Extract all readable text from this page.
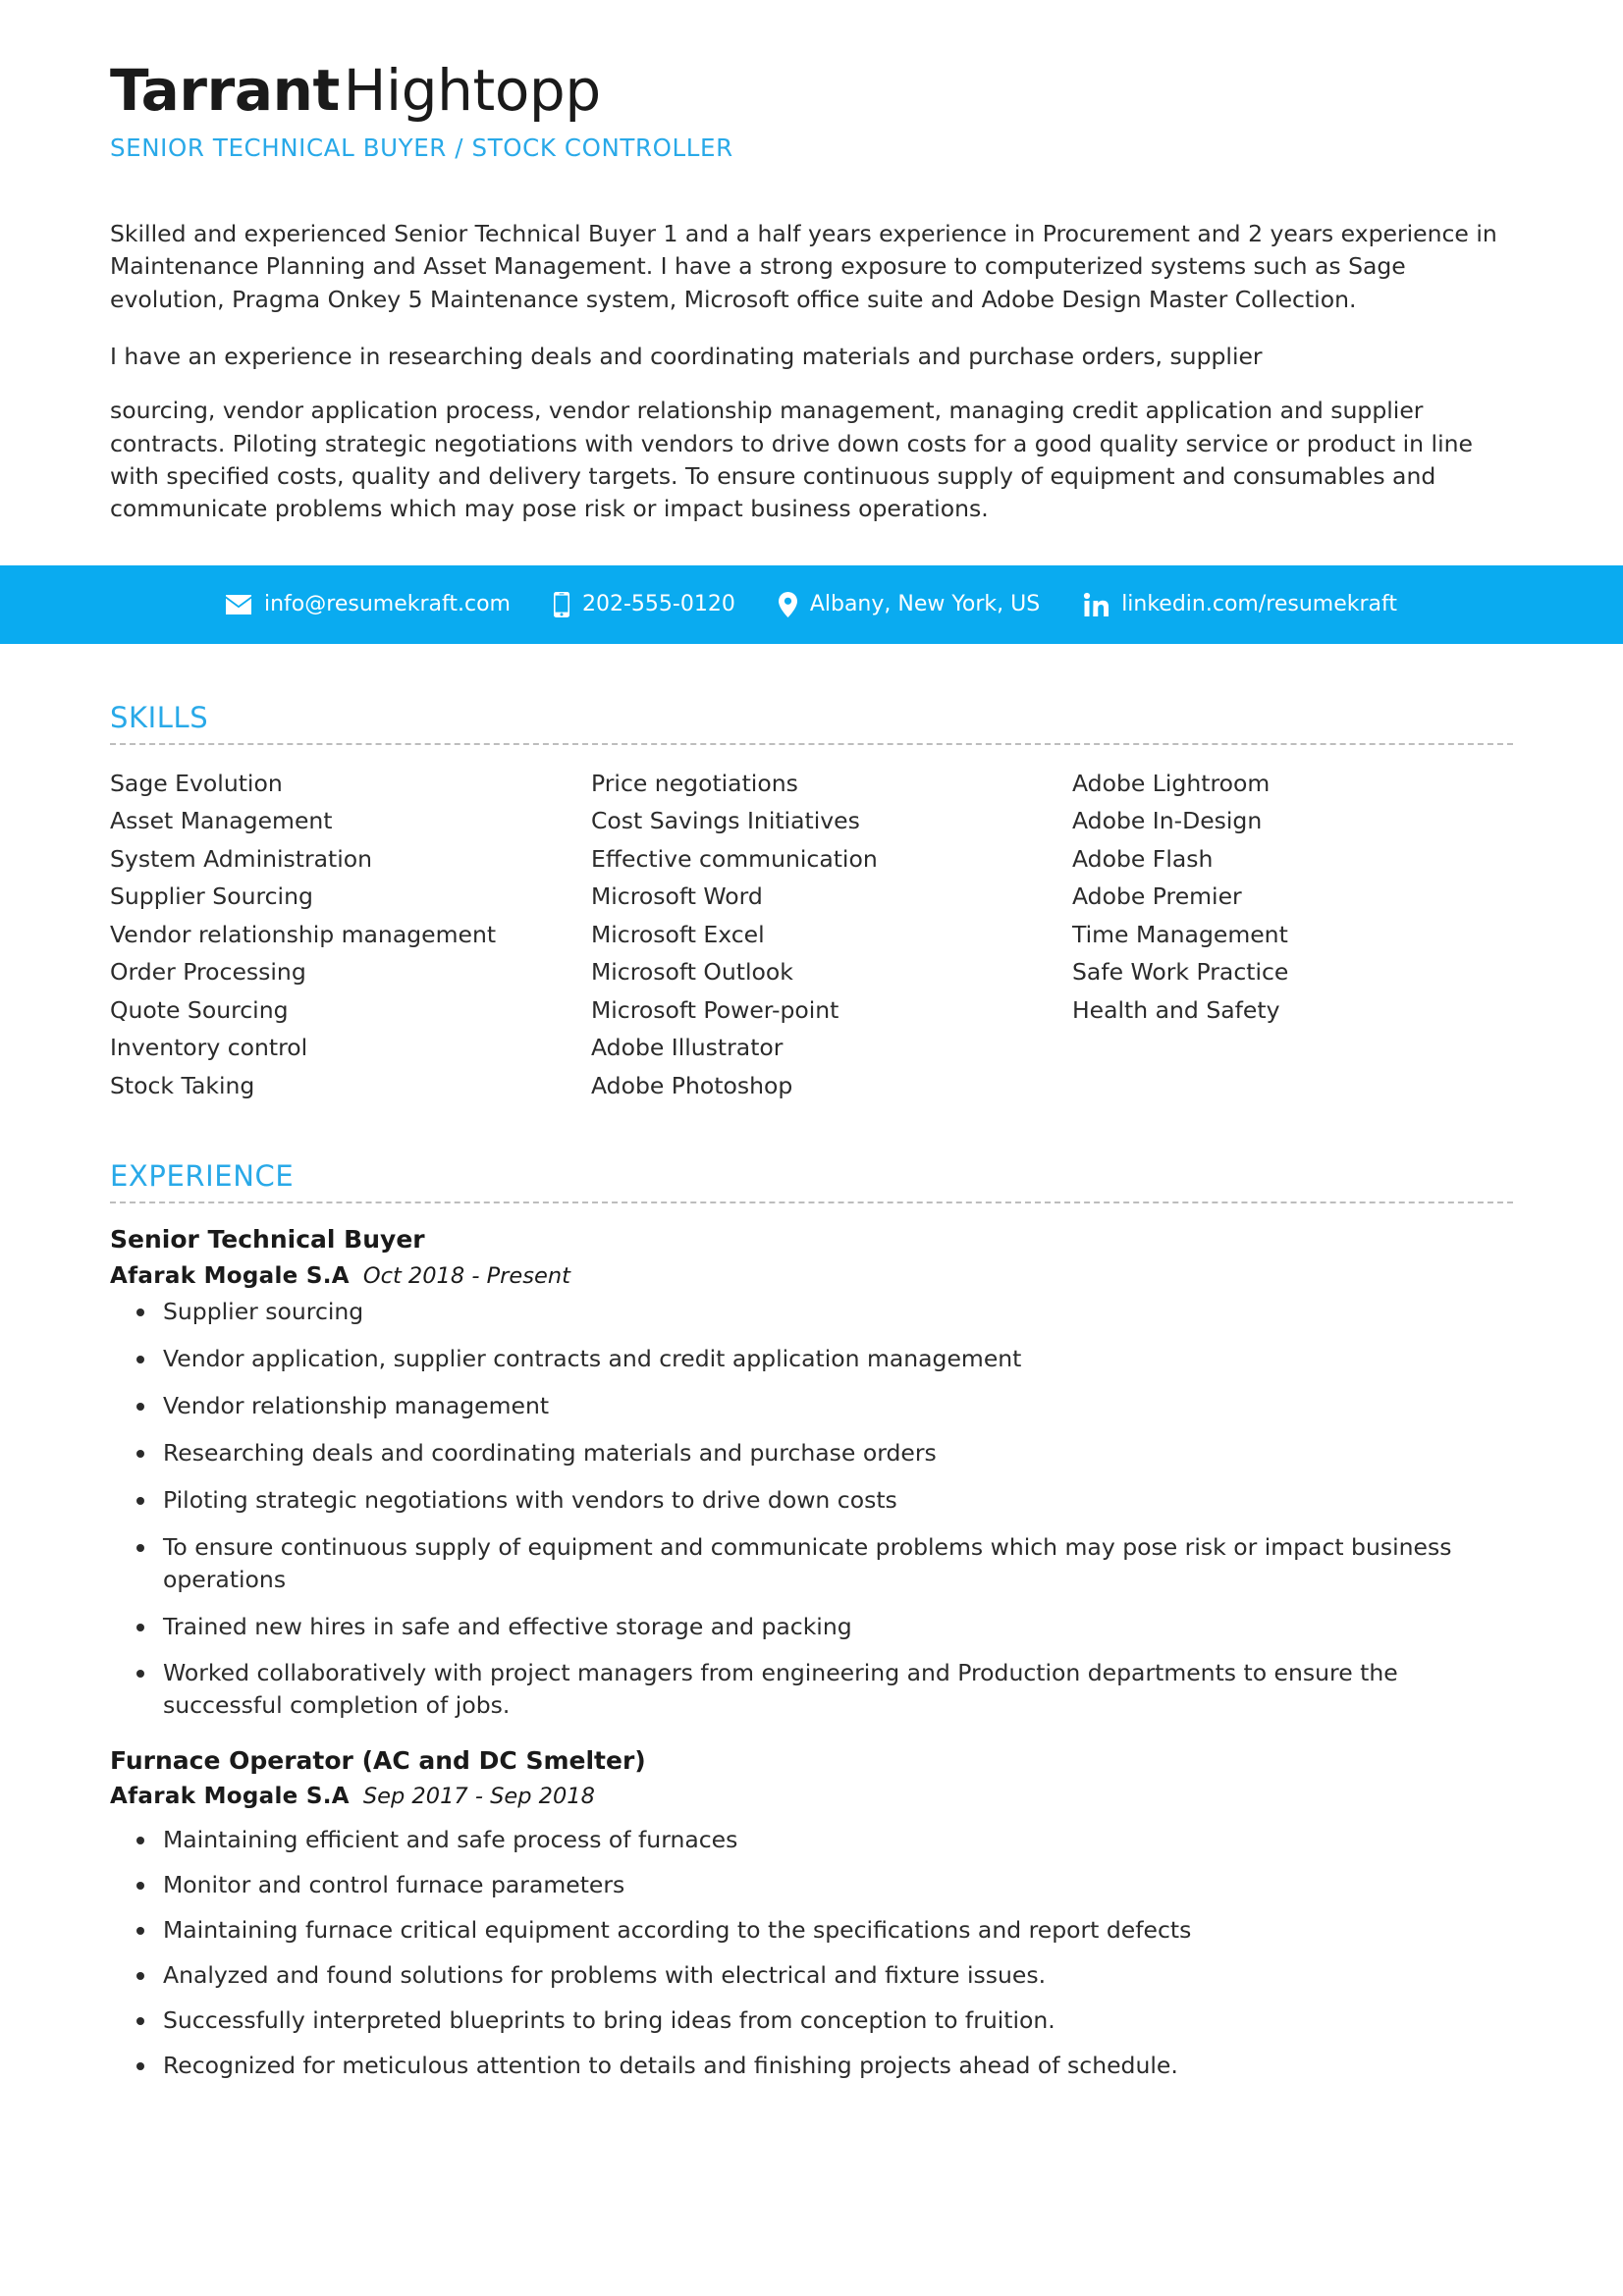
TarrantHightopp
SENIOR TECHNICAL BUYER / STOCK CONTROLLER

Skilled and experienced Senior Technical Buyer 1 and a half years experience in Procurement and 2 years experience in Maintenance Planning and Asset Management. I have a strong exposure to computerized systems such as Sage evolution, Pragma Onkey 5 Maintenance system, Microsoft office suite and Adobe Design Master Collection.

I have an experience in researching deals and coordinating materials and purchase orders, supplier

sourcing, vendor application process, vendor relationship management, managing credit application and supplier contracts. Piloting strategic negotiations with vendors to drive down costs for a good quality service or product in line with specified costs, quality and delivery targets. To ensure continuous supply of equipment and consumables and communicate problems which may pose risk or impact business operations.

info@resumekraft.com	202-555-0120	Albany, New York, US	linkedin.com/resumekraft
SKILLS
Sage Evolution
Asset Management
System Administration
Supplier Sourcing
Vendor relationship management
Order Processing
Quote Sourcing
Inventory control
Stock Taking
Price negotiations
Cost Savings Initiatives
Effective communication
Microsoft Word
Microsoft Excel
Microsoft Outlook
Microsoft Power-point
Adobe Illustrator
Adobe Photoshop
Adobe Lightroom
Adobe In-Design
Adobe Flash
Adobe Premier
Time Management
Safe Work Practice
Health and Safety
EXPERIENCE
Senior Technical Buyer
Afarak Mogale S.A Oct 2018 - Present
Supplier sourcing
Vendor application, supplier contracts and credit application management
Vendor relationship management
Researching deals and coordinating materials and purchase orders
Piloting strategic negotiations with vendors to drive down costs
To ensure continuous supply of equipment and communicate problems which may pose risk or impact business operations
Trained new hires in safe and effective storage and packing
Worked collaboratively with project managers from engineering and Production departments to ensure the successful completion of jobs.
Furnace Operator (AC and DC Smelter)
Afarak Mogale S.A Sep 2017 - Sep 2018
Maintaining efficient and safe process of furnaces
Monitor and control furnace parameters
Maintaining furnace critical equipment according to the specifications and report defects
Analyzed and found solutions for problems with electrical and fixture issues.
Successfully interpreted blueprints to bring ideas from conception to fruition.
Recognized for meticulous attention to details and finishing projects ahead of schedule.
